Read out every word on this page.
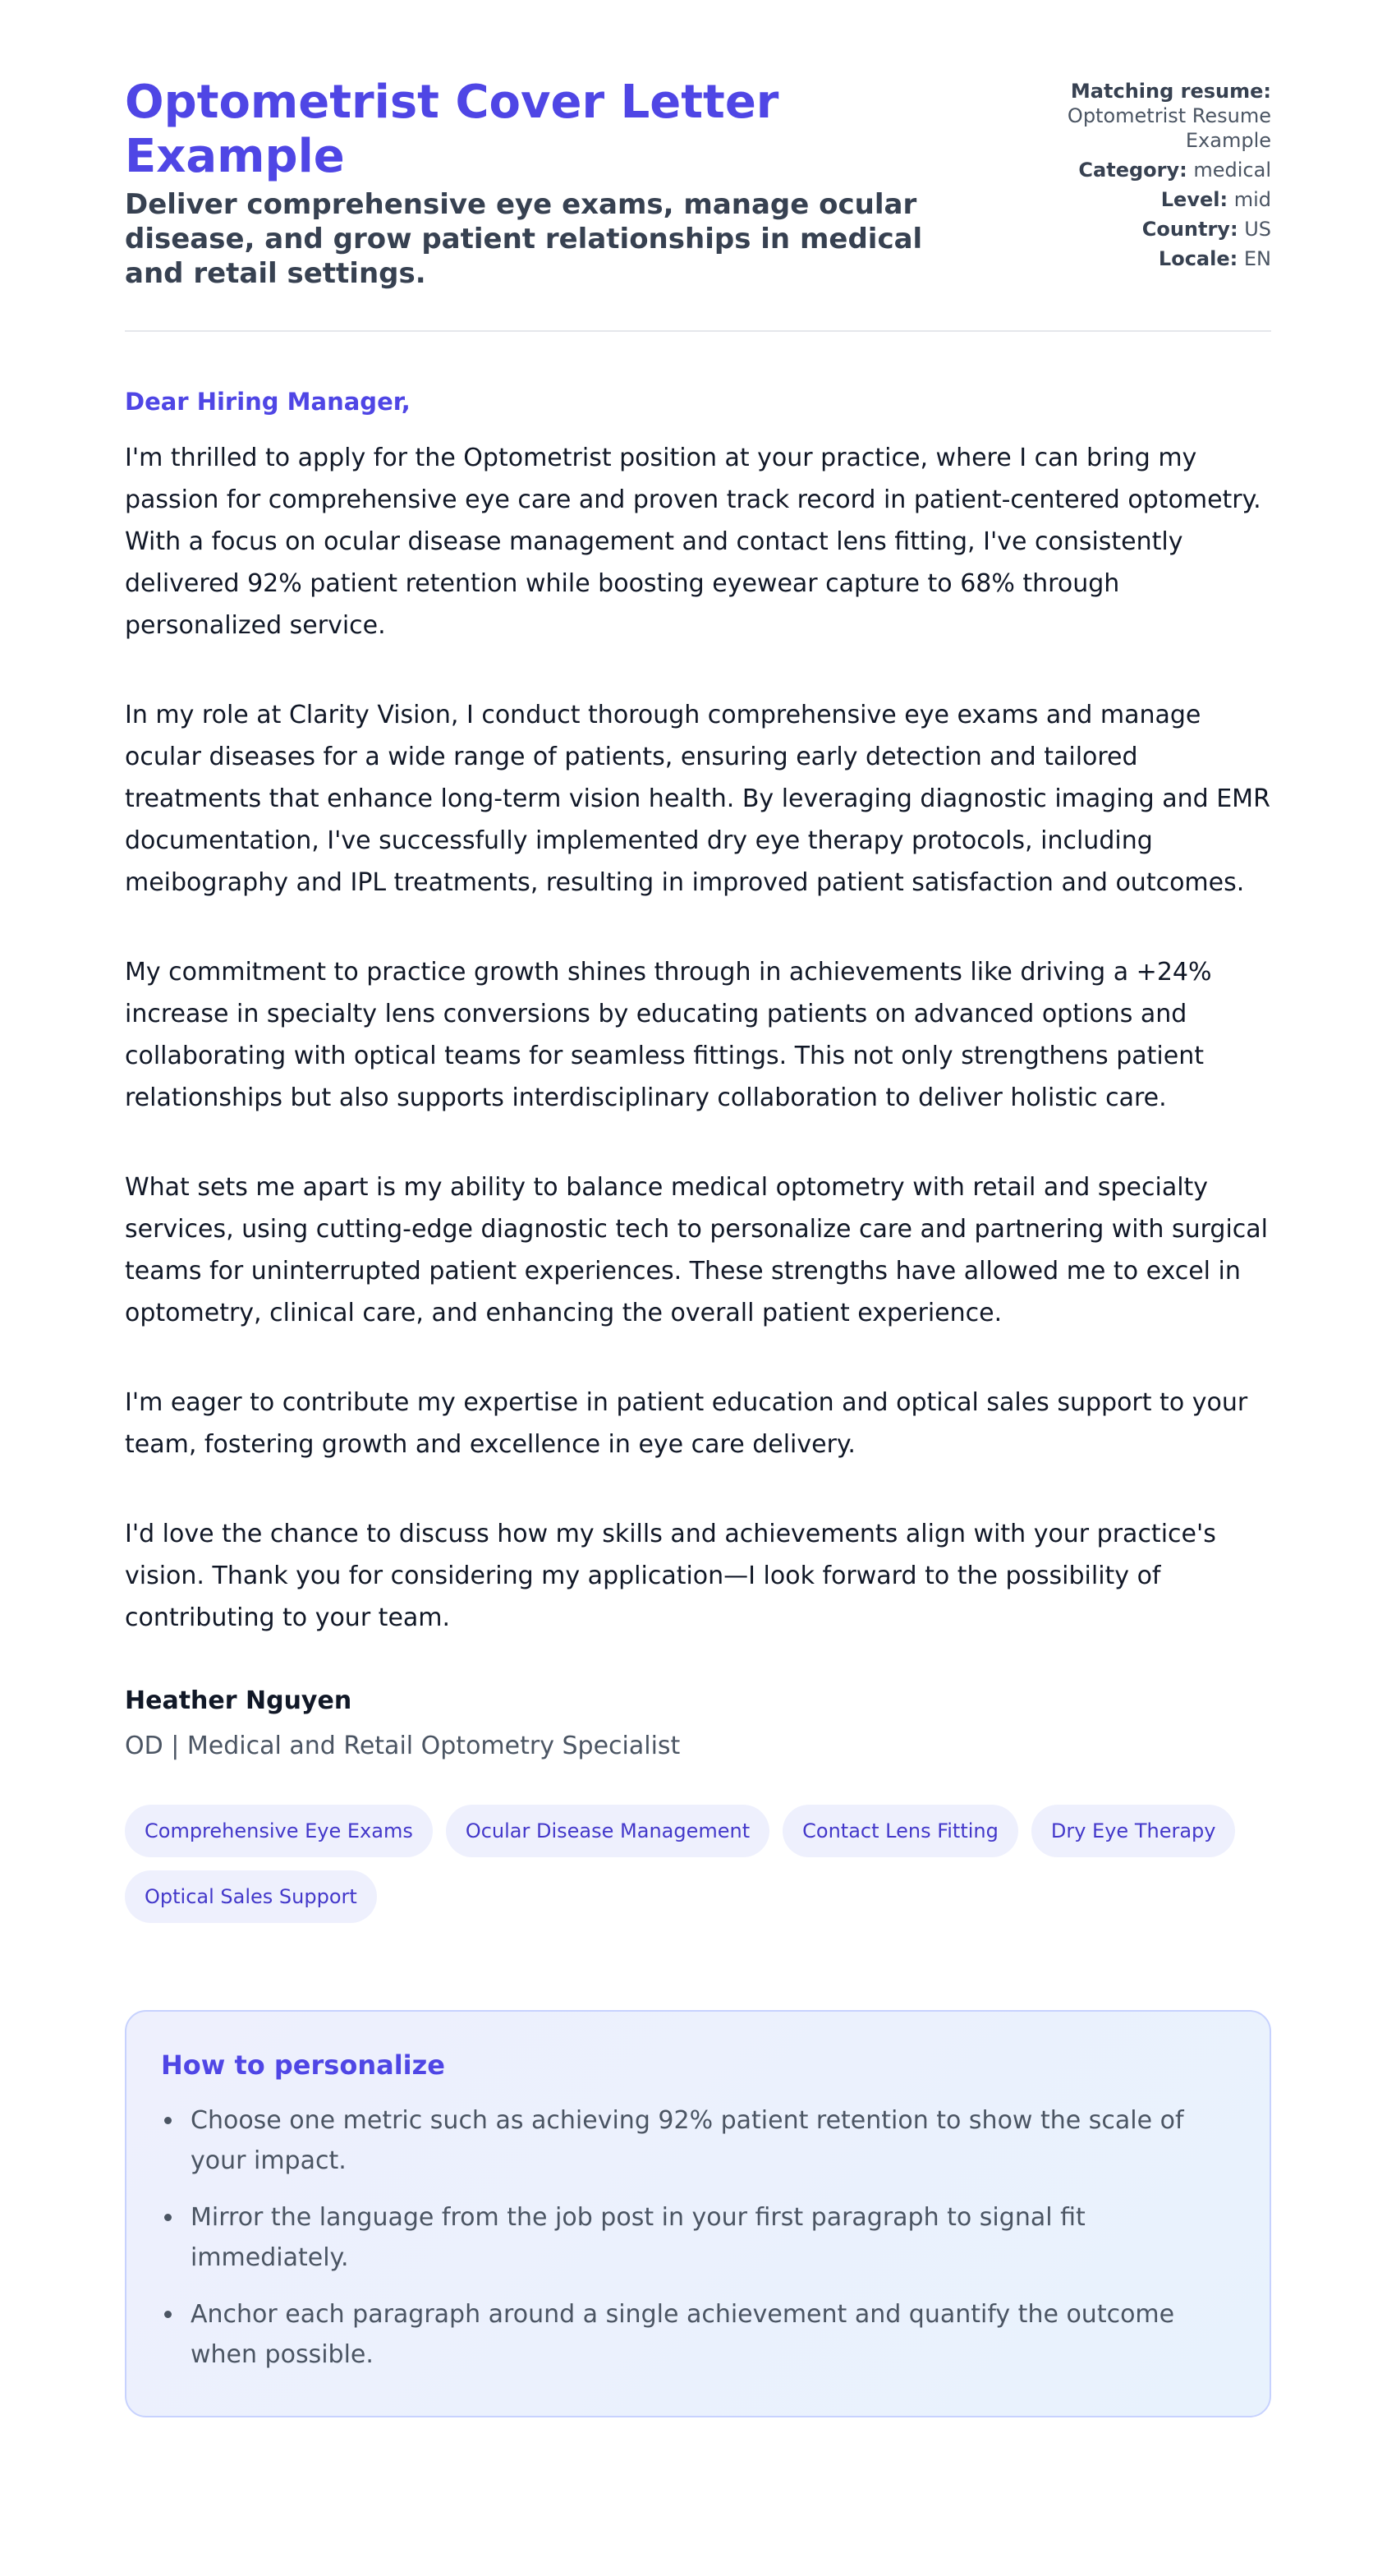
Optometrist Cover Letter Example
Deliver comprehensive eye exams, manage ocular disease, and grow patient relationships in medical and retail settings.
Matching resume:
Optometrist Resume Example
Category: medical
Level: mid
Country: US
Locale: EN
Dear Hiring Manager,

I'm thrilled to apply for the Optometrist position at your practice, where I can bring my passion for comprehensive eye care and proven track record in patient-centered optometry. With a focus on ocular disease management and contact lens fitting, I've consistently delivered 92% patient retention while boosting eyewear capture to 68% through personalized service.

In my role at Clarity Vision, I conduct thorough comprehensive eye exams and manage ocular diseases for a wide range of patients, ensuring early detection and tailored treatments that enhance long-term vision health. By leveraging diagnostic imaging and EMR documentation, I've successfully implemented dry eye therapy protocols, including meibography and IPL treatments, resulting in improved patient satisfaction and outcomes.

My commitment to practice growth shines through in achievements like driving a +24% increase in specialty lens conversions by educating patients on advanced options and collaborating with optical teams for seamless fittings. This not only strengthens patient relationships but also supports interdisciplinary collaboration to deliver holistic care.

What sets me apart is my ability to balance medical optometry with retail and specialty services, using cutting-edge diagnostic tech to personalize care and partnering with surgical teams for uninterrupted patient experiences. These strengths have allowed me to excel in optometry, clinical care, and enhancing the overall patient experience.

I'm eager to contribute my expertise in patient education and optical sales support to your team, fostering growth and excellence in eye care delivery.

I'd love the chance to discuss how my skills and achievements align with your practice's vision. Thank you for considering my application—I look forward to the possibility of contributing to your team.

Heather Nguyen
OD | Medical and Retail Optometry Specialist
Comprehensive Eye Exams	Ocular Disease Management	Contact Lens Fitting	Dry Eye Therapy
Optical Sales Support
How to personalize
Choose one metric such as achieving 92% patient retention to show the scale of your impact.
Mirror the language from the job post in your first paragraph to signal fit immediately.
Anchor each paragraph around a single achievement and quantify the outcome when possible.
